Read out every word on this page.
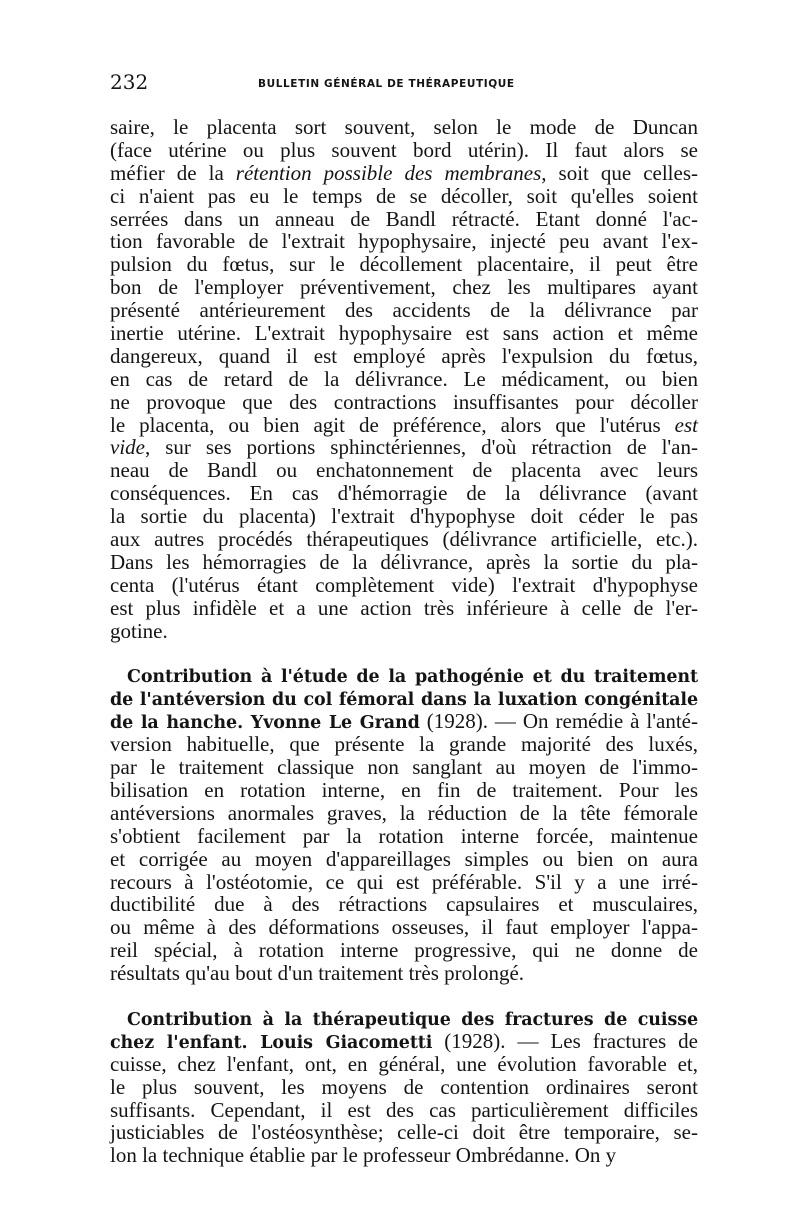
232	BULLETIN GÉNÉRAL DE THÉRAPEUTIQUE
saire, le placenta sort souvent, selon le mode de Duncan
(face utérine ou plus souvent bord utérin). Il faut alors se
méfier de la rétention possible des membranes, soit que celles-
ci n'aient pas eu le temps de se décoller, soit qu'elles soient
serrées dans un anneau de Bandl rétracté. Etant donné l'ac-
tion favorable de l'extrait hypophysaire, injecté peu avant l'ex-
pulsion du fœtus, sur le décollement placentaire, il peut être
bon de l'employer préventivement, chez les multipares ayant
présenté antérieurement des accidents de la délivrance par
inertie utérine. L'extrait hypophysaire est sans action et même
dangereux, quand il est employé après l'expulsion du fœtus,
en cas de retard de la délivrance. Le médicament, ou bien
ne provoque que des contractions insuffisantes pour décoller
le placenta, ou bien agit de préférence, alors que l'utérus est
vide, sur ses portions sphinctériennes, d'où rétraction de l'an-
neau de Bandl ou enchatonnement de placenta avec leurs
conséquences. En cas d'hémorragie de la délivrance (avant
la sortie du placenta) l'extrait d'hypophyse doit céder le pas
aux autres procédés thérapeutiques (délivrance artificielle, etc.).
Dans les hémorragies de la délivrance, après la sortie du pla-
centa (l'utérus étant complètement vide) l'extrait d'hypophyse
est plus infidèle et a une action très inférieure à celle de l'er-
gotine.
Contribution à l'étude de la pathogénie et du traitement
de l'antéversion du col fémoral dans la luxation congénitale
de la hanche. Yvonne Le Grand (1928). — On remédie à l'anté-
version habituelle, que présente la grande majorité des luxés,
par le traitement classique non sanglant au moyen de l'immo-
bilisation en rotation interne, en fin de traitement. Pour les
antéversions anormales graves, la réduction de la tête fémorale
s'obtient facilement par la rotation interne forcée, maintenue
et corrigée au moyen d'appareillages simples ou bien on aura
recours à l'ostéotomie, ce qui est préférable. S'il y a une irré-
ductibilité due à des rétractions capsulaires et musculaires,
ou même à des déformations osseuses, il faut employer l'appa-
reil spécial, à rotation interne progressive, qui ne donne de
résultats qu'au bout d'un traitement très prolongé.
Contribution à la thérapeutique des fractures de cuisse
chez l'enfant. Louis Giacometti (1928). — Les fractures de
cuisse, chez l'enfant, ont, en général, une évolution favorable et,
le plus souvent, les moyens de contention ordinaires seront
suffisants. Cependant, il est des cas particulièrement difficiles
justiciables de l'ostéosynthèse; celle-ci doit être temporaire, se-
lon la technique établie par le professeur Ombrédanne. On y
